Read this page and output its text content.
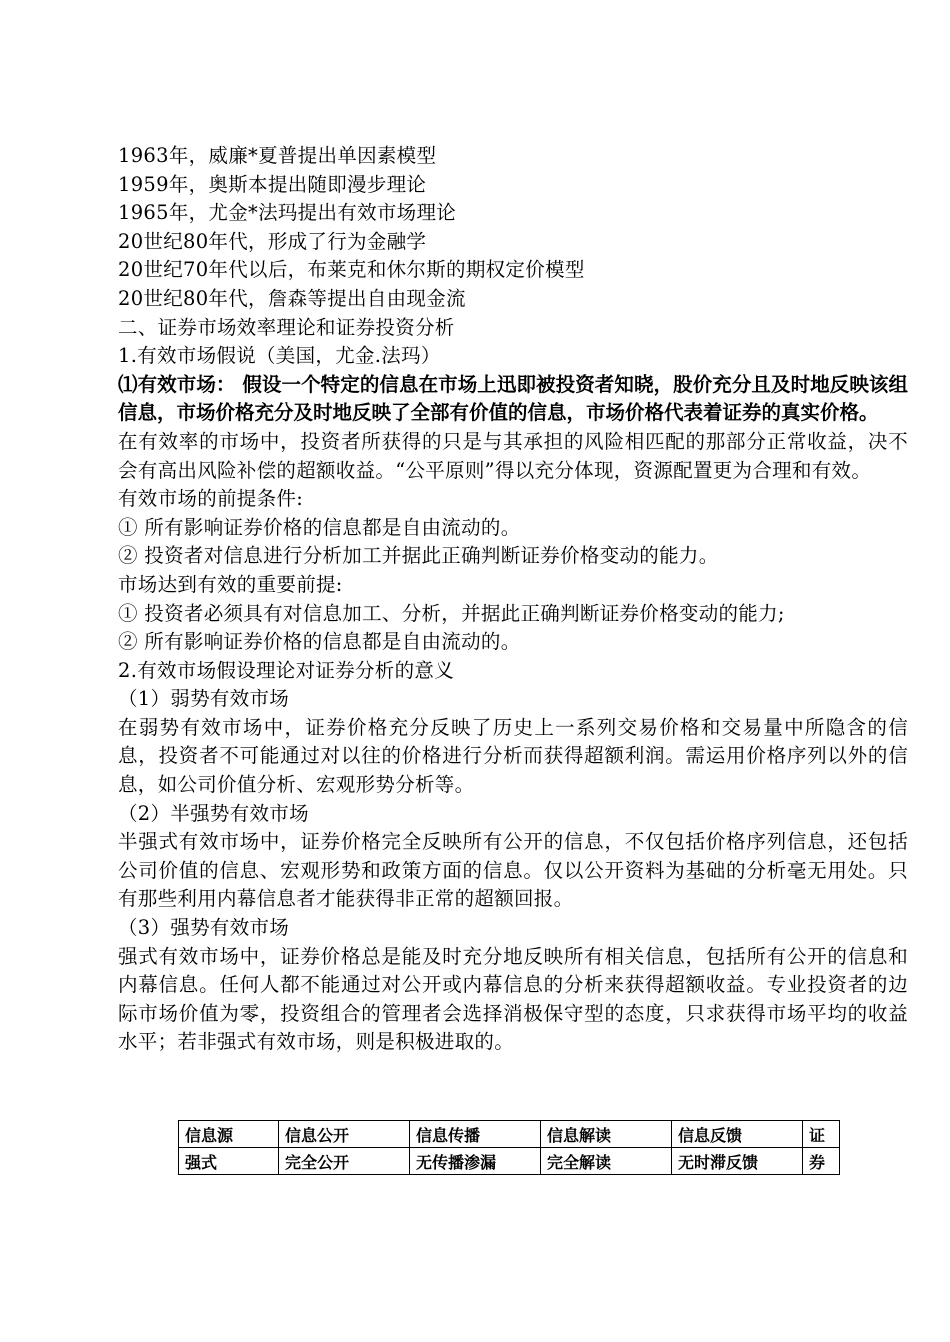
1963年，威廉*夏普提出单因素模型
1959年，奥斯本提出随即漫步理论
1965年，尤金*法玛提出有效市场理论
20世纪80年代，形成了行为金融学
20世纪70年代以后，布莱克和休尔斯的期权定价模型
20世纪80年代，詹森等提出自由现金流
二、证券市场效率理论和证券投资分析
1.有效市场假说（美国，尤金.法玛）
⑴有效市场： 假设一个特定的信息在市场上迅即被投资者知晓，股价充分且及时地反映该组信息，市场价格充分及时地反映了全部有价值的信息，市场价格代表着证券的真实价格。
在有效率的市场中，投资者所获得的只是与其承担的风险相匹配的那部分正常收益，决不会有高出风险补偿的超额收益。“公平原则”得以充分体现，资源配置更为合理和有效。
有效市场的前提条件:
① 所有影响证券价格的信息都是自由流动的。
② 投资者对信息进行分析加工并据此正确判断证券价格变动的能力。
市场达到有效的重要前提:
① 投资者必须具有对信息加工、分析，并据此正确判断证券价格变动的能力;
② 所有影响证券价格的信息都是自由流动的。
2.有效市场假设理论对证券分析的意义
（1）弱势有效市场
在弱势有效市场中，证券价格充分反映了历史上一系列交易价格和交易量中所隐含的信息，投资者不可能通过对以往的价格进行分析而获得超额利润。需运用价格序列以外的信息，如公司价值分析、宏观形势分析等。
（2）半强势有效市场
半强式有效市场中，证券价格完全反映所有公开的信息，不仅包括价格序列信息，还包括公司价值的信息、宏观形势和政策方面的信息。仅以公开资料为基础的分析毫无用处。只有那些利用内幕信息者才能获得非正常的超额回报。
（3）强势有效市场
强式有效市场中，证券价格总是能及时充分地反映所有相关信息，包括所有公开的信息和内幕信息。任何人都不能通过对公开或内幕信息的分析来获得超额收益。专业投资者的边际市场价值为零，投资组合的管理者会选择消极保守型的态度，只求获得市场平均的收益水平；若非强式有效市场，则是积极进取的。
信息源	信息公开	信息传播	信息解读	信息反馈	证
强式	完全公开	无传播渗漏	完全解读	无时滞反馈	券
